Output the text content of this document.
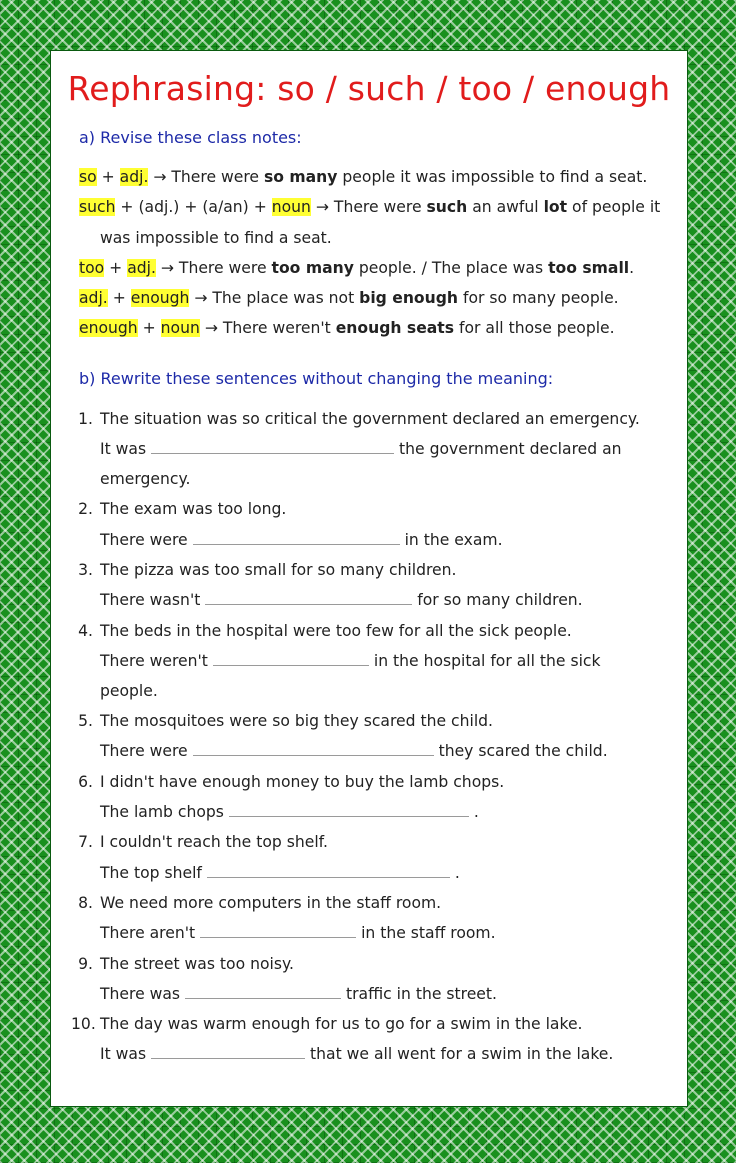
Rephrasing: so / such / too / enough
a) Revise these class notes:
so + adj. → There were so many people it was impossible to find a seat.
such + (adj.) + (a/an) + noun → There were such an awful lot of people it
was impossible to find a seat.
too + adj. → There were too many people. / The place was too small.
adj. + enough → The place was not big enough for so many people.
enough + noun → There weren't enough seats for all those people.
b) Rewrite these sentences without changing the meaning:
1. The situation was so critical the government declared an emergency.
It was	the government declared an
emergency.
2. The exam was too long.
There were	in the exam.
3. The pizza was too small for so many children.
There wasn't	for so many children.
4. The beds in the hospital were too few for all the sick people.
There weren't	in the hospital for all the sick
people.
5. The mosquitoes were so big they scared the child.
There were	they scared the child.
6. I didn't have enough money to buy the lamb chops.
The lamb chops	.
7. I couldn't reach the top shelf.
The top shelf	.
8. We need more computers in the staff room.
There aren't	in the staff room.
9. The street was too noisy.
There was	traffic in the street.
10. The day was warm enough for us to go for a swim in the lake.
It was	that we all went for a swim in the lake.
